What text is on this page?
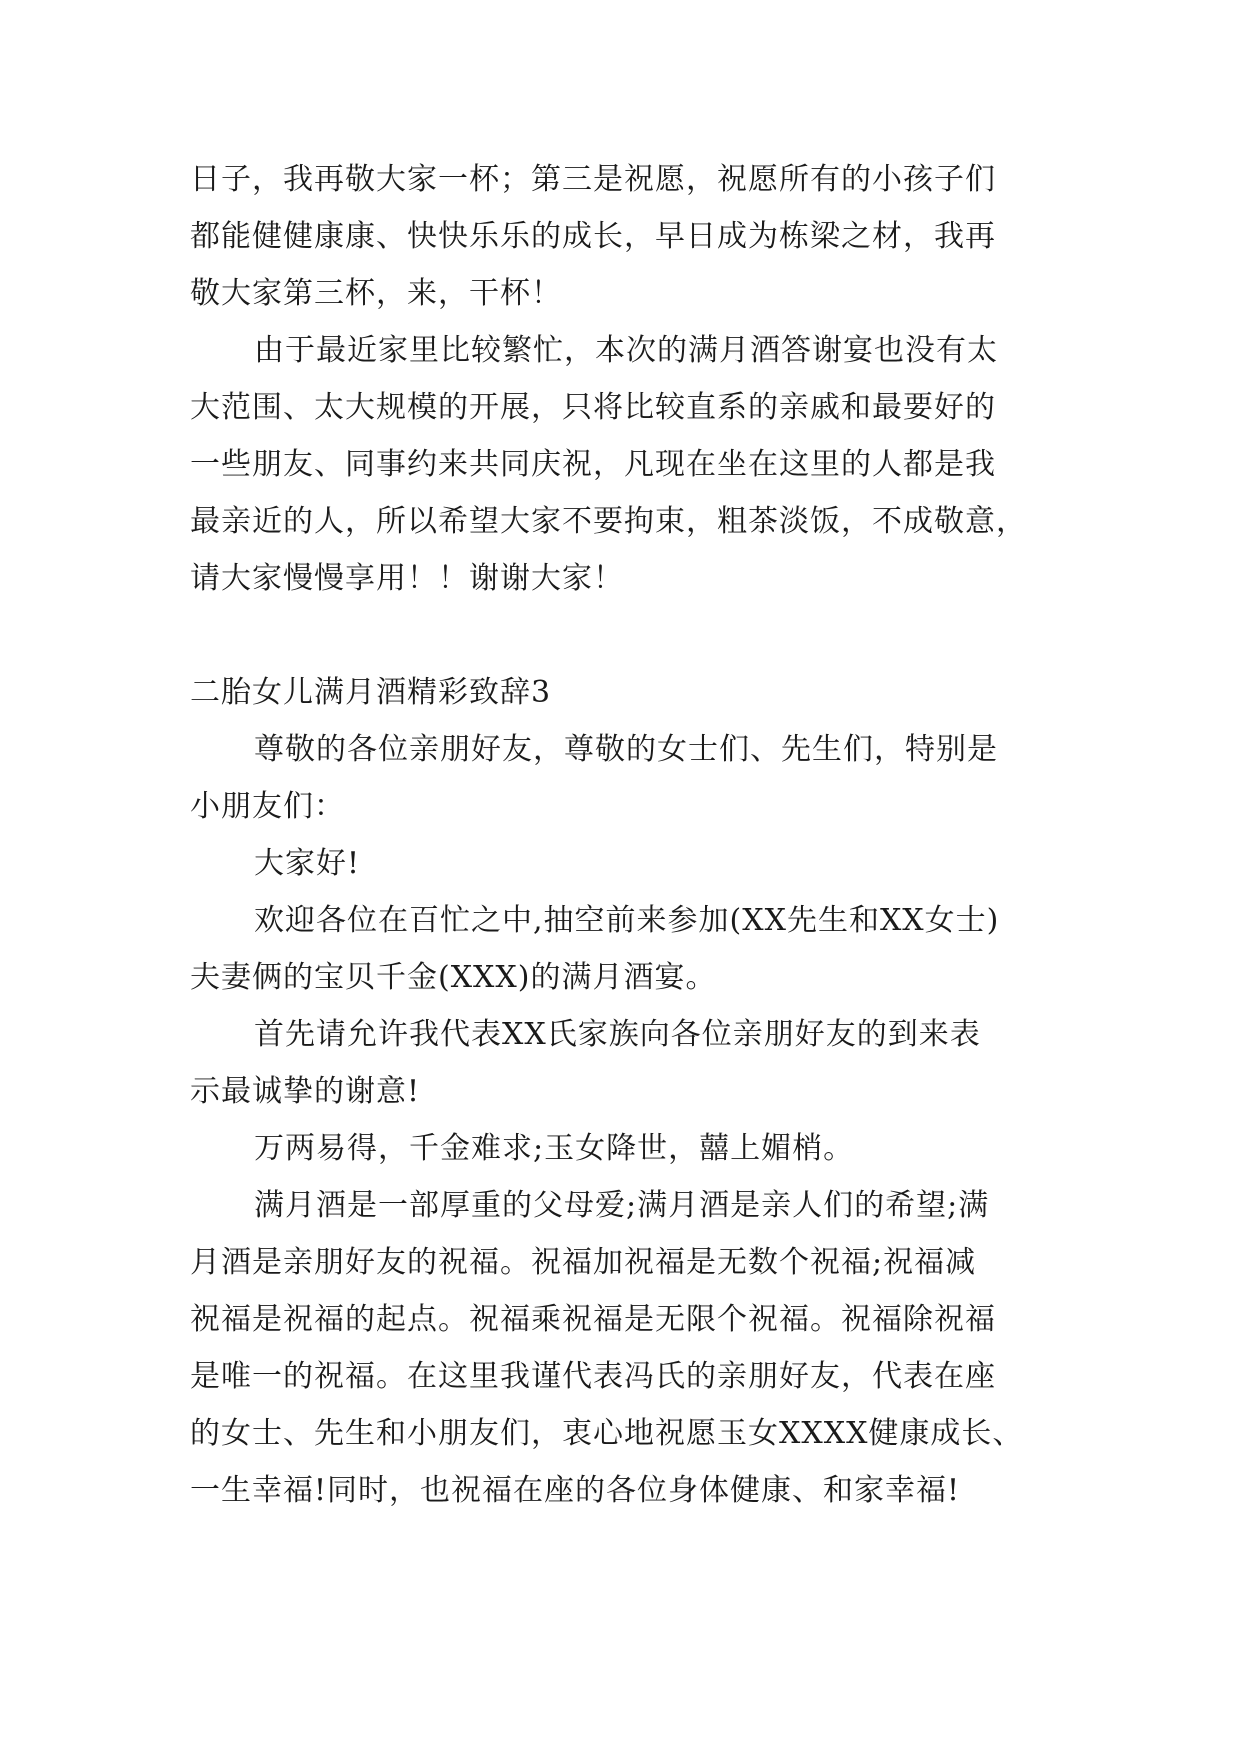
日子，我再敬大家一杯；第三是祝愿，祝愿所有的小孩子们
都能健健康康、快快乐乐的成长，早日成为栋梁之材，我再
敬大家第三杯，来，干杯！

由于最近家里比较繁忙，本次的满月酒答谢宴也没有太
大范围、太大规模的开展，只将比较直系的亲戚和最要好的
一些朋友、同事约来共同庆祝，凡现在坐在这里的人都是我
最亲近的人，所以希望大家不要拘束，粗茶淡饭，不成敬意，
请大家慢慢享用！！谢谢大家！

二胎女儿满月酒精彩致辞3

尊敬的各位亲朋好友，尊敬的女士们、先生们，特别是
小朋友们：

大家好!

欢迎各位在百忙之中,抽空前来参加(XX先生和XX女士)
夫妻俩的宝贝千金(XXX)的满月酒宴。

首先请允许我代表XX氏家族向各位亲朋好友的到来表
示最诚挚的谢意!

万两易得，千金难求;玉女降世，囍上媚梢。

满月酒是一部厚重的父母爱;满月酒是亲人们的希望;满
月酒是亲朋好友的祝福。祝福加祝福是无数个祝福;祝福减
祝福是祝福的起点。祝福乘祝福是无限个祝福。祝福除祝福
是唯一的祝福。在这里我谨代表冯氏的亲朋好友，代表在座
的女士、先生和小朋友们，衷心地祝愿玉女XXXX健康成长、
一生幸福!同时，也祝福在座的各位身体健康、和家幸福!
